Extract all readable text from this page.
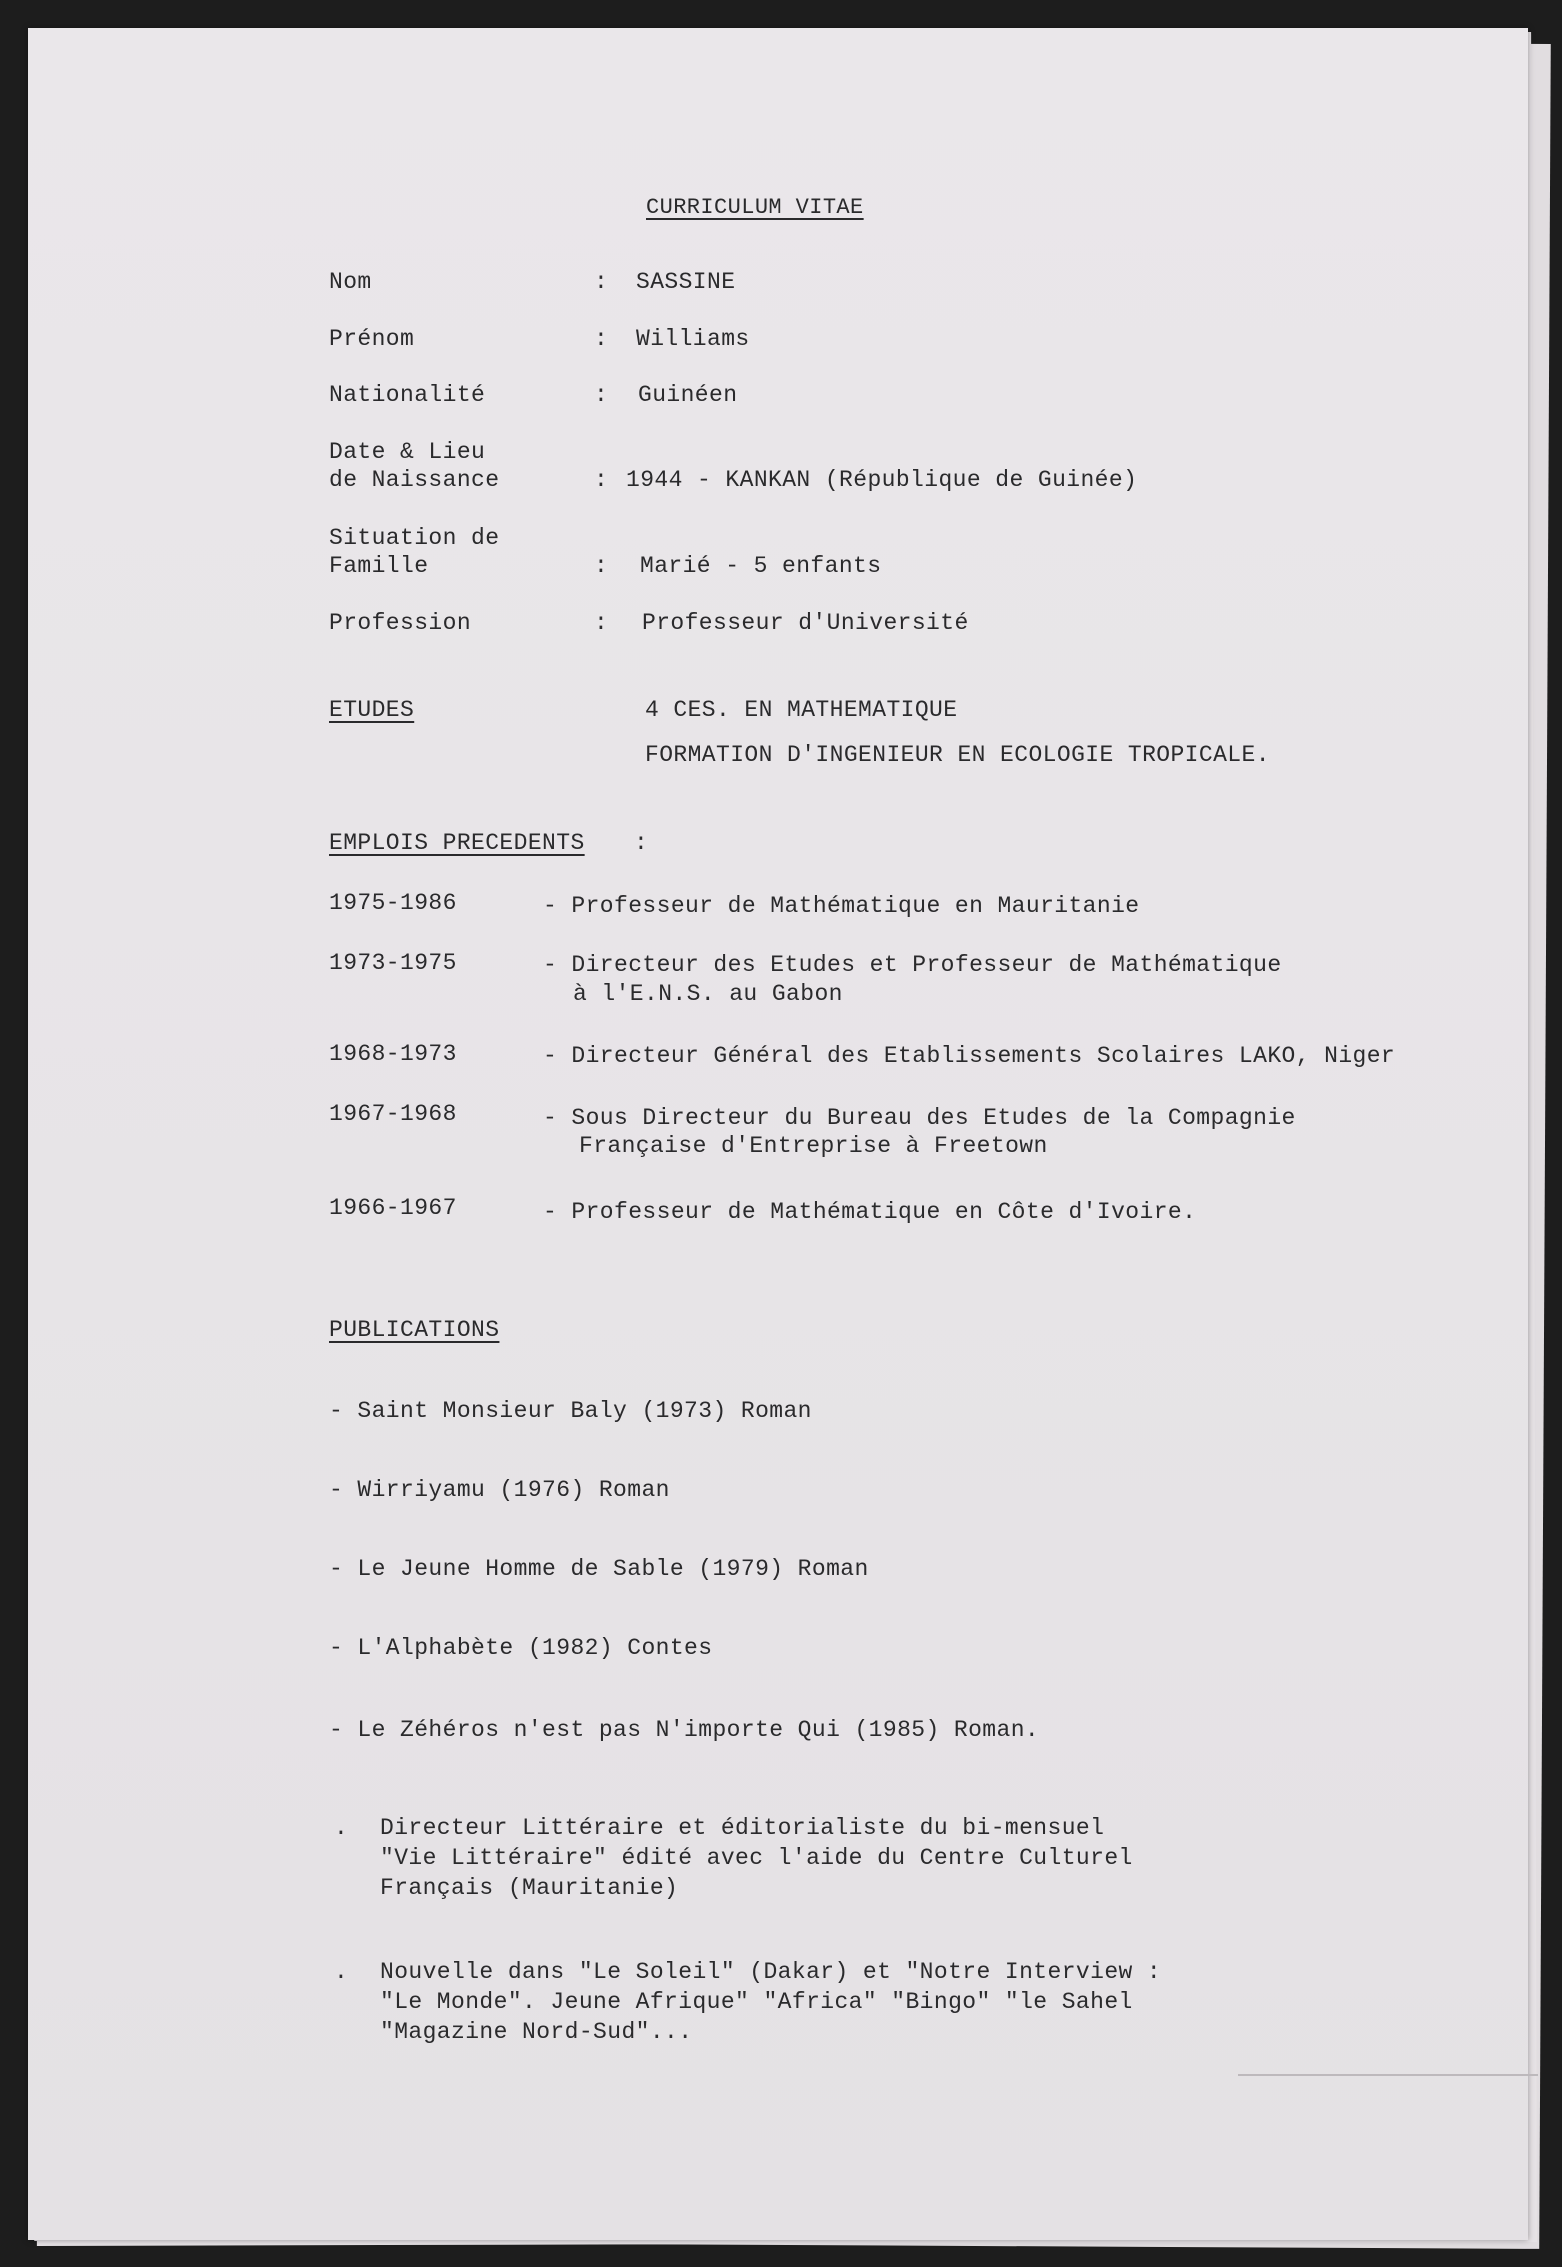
CURRICULUM VITAE
Nom	: SASSINE
Prénom	: Williams
Nationalité	: Guinéen
Date & Lieu
de Naissance	: 1944 - KANKAN (République de Guinée)
Situation de
Famille	: Marié - 5 enfants
Profession	: Professeur d'Université
ETUDES	4 CES. EN MATHEMATIQUE
FORMATION D'INGENIEUR EN ECOLOGIE TROPICALE.
EMPLOIS PRECEDENTS :
1975-1986	- Professeur de Mathématique en Mauritanie
1973-1975	- Directeur des Etudes et Professeur de Mathématique
à l'E.N.S. au Gabon
1968-1973	- Directeur Général des Etablissements Scolaires LAKO, Niger
1967-1968	- Sous Directeur du Bureau des Etudes de la Compagnie
Française d'Entreprise à Freetown
1966-1967	- Professeur de Mathématique en Côte d'Ivoire.
PUBLICATIONS
- Saint Monsieur Baly (1973) Roman
- Wirriyamu (1976) Roman
- Le Jeune Homme de Sable (1979) Roman
- L'Alphabète (1982) Contes
- Le Zéhéros n'est pas N'importe Qui (1985) Roman.
. Directeur Littéraire et éditorialiste du bi-mensuel
"Vie Littéraire" édité avec l'aide du Centre Culturel
Français (Mauritanie)
. Nouvelle dans "Le Soleil" (Dakar) et "Notre Interview :
"Le Monde". Jeune Afrique" "Africa" "Bingo" "le Sahel
"Magazine Nord-Sud"...
